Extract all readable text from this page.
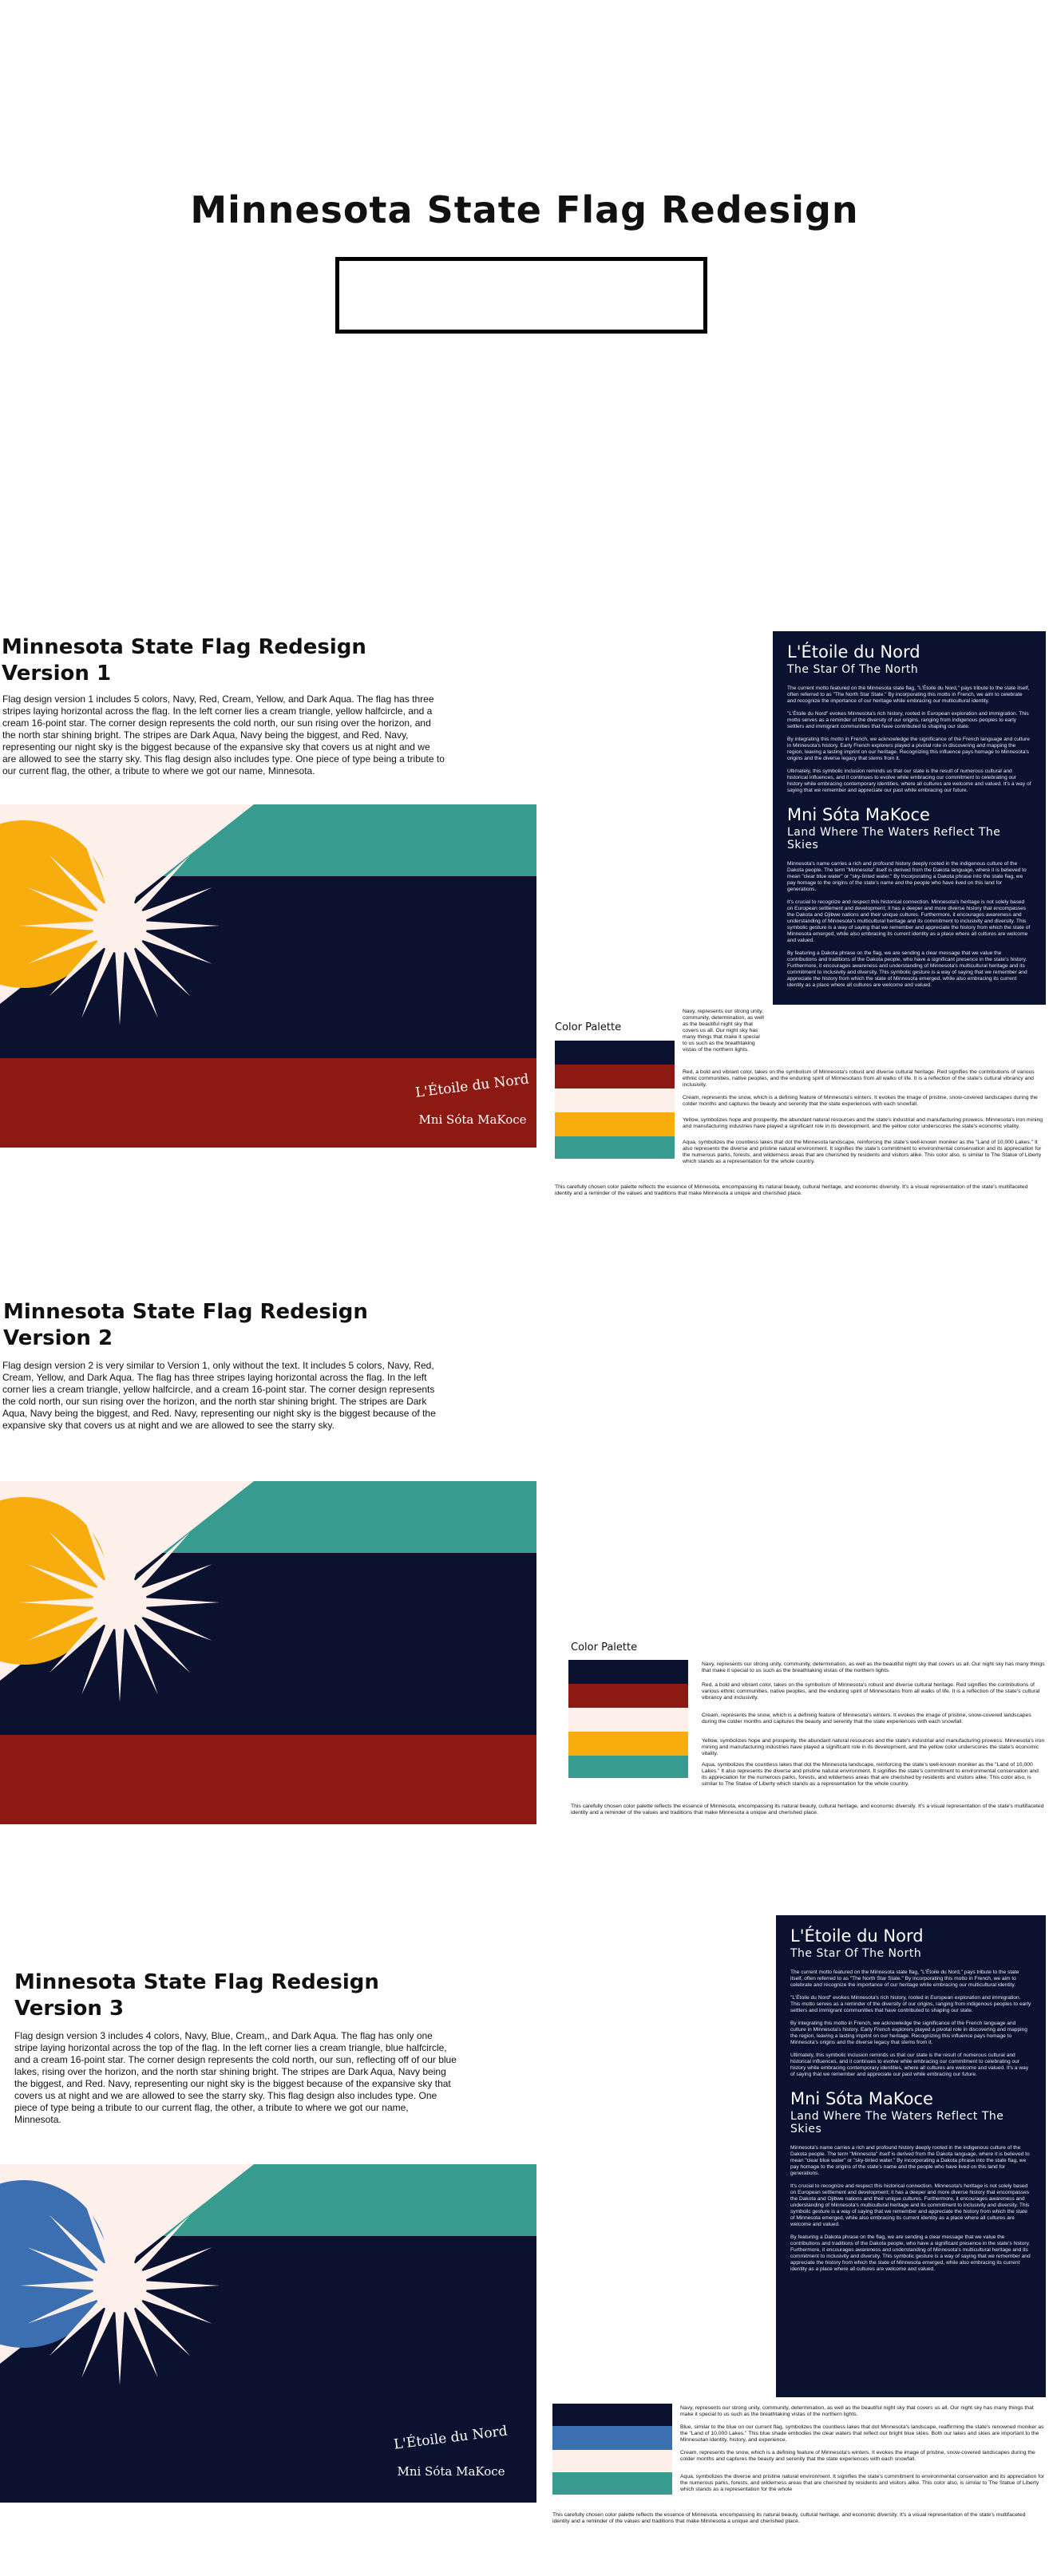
Minnesota State Flag Redesign
Minnesota State Flag Redesign
Version 1
Flag design version 1 includes 5 colors, Navy, Red, Cream, Yellow, and Dark Aqua. The flag has three stripes laying horizontal across the flag. In the left corner lies a cream triangle, yellow halfcircle, and a cream 16-point star. The corner design represents the cold north, our sun rising over the horizon, and the north star shining bright. The stripes are Dark Aqua, Navy being the biggest, and Red. Navy, representing our night sky is the biggest because of the expansive sky that covers us at night and we are allowed to see the starry sky. This flag design also includes type. One piece of type being a tribute to our current flag, the other, a tribute to where we got our name, Minnesota.
L'Étoile du Nord
Mni Sóta MaKoce
L'Étoile du Nord
The Star Of The North

The current motto featured on the Minnesota state flag, "L'Étoile du Nord," pays tribute to the state itself, often referred to as "The North Star State." By incorporating this motto in French, we aim to celebrate and recognize the importance of our heritage while embracing our multicultural identity.

"L'Étoile du Nord" evokes Minnesota's rich history, rooted in European exploration and immigration. This motto serves as a reminder of the diversity of our origins, ranging from indigenous peoples to early settlers and immigrant communities that have contributed to shaping our state.

By integrating this motto in French, we acknowledge the significance of the French language and culture in Minnesota's history. Early French explorers played a pivotal role in discovering and mapping the region, leaving a lasting imprint on our heritage. Recognizing this influence pays homage to Minnesota's origins and the diverse legacy that stems from it.

Ultimately, this symbolic inclusion reminds us that our state is the result of numerous cultural and historical influences, and it continues to evolve while embracing our commitment to celebrating our history while embracing contemporary identities, where all cultures are welcome and valued. It's a way of saying that we remember and appreciate our past while embracing our future.

Mni Sóta MaKoce
Land Where The Waters Reflect The Skies

Minnesota's name carries a rich and profound history deeply rooted in the indigenous culture of the Dakota people. The term "Minnesota" itself is derived from the Dakota language, where it is believed to mean "clear blue water" or "sky-tinted water." By incorporating a Dakota phrase into the state flag, we pay homage to the origins of the state's name and the people who have lived on this land for generations.

It's crucial to recognize and respect this historical connection. Minnesota's heritage is not solely based on European settlement and development; it has a deeper and more diverse history that encompasses the Dakota and Ojibwe nations and their unique cultures. Furthermore, it encourages awareness and understanding of Minnesota's multicultural heritage and its commitment to inclusivity and diversity. This symbolic gesture is a way of saying that we remember and appreciate the history from which the state of Minnesota emerged, while also embracing its current identity as a place where all cultures are welcome and valued.

By featuring a Dakota phrase on the flag, we are sending a clear message that we value the contributions and traditions of the Dakota people, who have a significant presence in the state's history. Furthermore, it encourages awareness and understanding of Minnesota's multicultural heritage and its commitment to inclusivity and diversity. This symbolic gesture is a way of saying that we remember and appreciate the history from which the state of Minnesota emerged, while also embracing its current identity as a place where all cultures are welcome and valued.

Color Palette
Navy, represents our strong unity, community, determination, as well as the beautiful night sky that covers us all. Our night sky has many things that make it special to us such as the breathtaking vistas of the northern lights.
Red, a bold and vibrant color, takes on the symbolism of Minnesota's robust and diverse cultural heritage. Red signifies the contributions of various ethnic communities, native peoples, and the enduring spirit of Minnesotans from all walks of life. It is a reflection of the state's cultural vibrancy and inclusivity.
Cream, represents the snow, which is a defining feature of Minnesota's winters. It evokes the image of pristine, snow-covered landscapes during the colder months and captures the beauty and serenity that the state experiences with each snowfall.
Yellow, symbolizes hope and prosperity, the abundant natural resources and the state's industrial and manufacturing prowess. Minnesota's iron mining and manufacturing industries have played a significant role in its development, and the yellow color underscores the state's economic vitality.
Aqua, symbolizes the countless lakes that dot the Minnesota landscape, reinforcing the state's well-known moniker as the "Land of 10,000 Lakes." It also represents the diverse and pristine natural environment. It signifies the state's commitment to environmental conservation and its appreciation for the numerous parks, forests, and wilderness areas that are cherished by residents and visitors alike. This color also, is similar to The Statue of Liberty which stands as a representation for the whole country.
This carefully chosen color palette reflects the essence of Minnesota, encompassing its natural beauty, cultural heritage, and economic diversity. It's a visual representation of the state's multifaceted identity and a reminder of the values and traditions that make Minnesota a unique and cherished place.
Minnesota State Flag Redesign
Version 2
Flag design version 2 is very similar to Version 1, only without the text. It includes 5 colors, Navy, Red, Cream, Yellow, and Dark Aqua. The flag has three stripes laying horizontal across the flag. In the left corner lies a cream triangle, yellow halfcircle, and a cream 16-point star. The corner design represents the cold north, our sun rising over the horizon, and the north star shining bright. The stripes are Dark Aqua, Navy being the biggest, and Red. Navy, representing our night sky is the biggest because of the expansive sky that covers us at night and we are allowed to see the starry sky.
Color Palette
Navy, represents our strong unity, community, determination, as well as the beautiful night sky that covers us all. Our night sky has many things that make it special to us such as the breathtaking vistas of the northern lights.
Red, a bold and vibrant color, takes on the symbolism of Minnesota's robust and diverse cultural heritage. Red signifies the contributions of various ethnic communities, native peoples, and the enduring spirit of Minnesotans from all walks of life. It is a reflection of the state's cultural vibrancy and inclusivity.
Cream, represents the snow, which is a defining feature of Minnesota's winters. It evokes the image of pristine, snow-covered landscapes during the colder months and captures the beauty and serenity that the state experiences with each snowfall.
Yellow, symbolizes hope and prosperity, the abundant natural resources and the state's industrial and manufacturing prowess. Minnesota's iron mining and manufacturing industries have played a significant role in its development, and the yellow color underscores the state's economic vitality.
Aqua, symbolizes the countless lakes that dot the Minnesota landscape, reinforcing the state's well-known moniker as the "Land of 10,000 Lakes." It also represents the diverse and pristine natural environment. It signifies the state's commitment to environmental conservation and its appreciation for the numerous parks, forests, and wilderness areas that are cherished by residents and visitors alike. This color also, is similar to The Statue of Liberty which stands as a representation for the whole country.
This carefully chosen color palette reflects the essence of Minnesota, encompassing its natural beauty, cultural heritage, and economic diversity. It's a visual representation of the state's multifaceted identity and a reminder of the values and traditions that make Minnesota a unique and cherished place.
Minnesota State Flag Redesign
Version 3
Flag design version 3 includes 4 colors, Navy, Blue, Cream,, and Dark Aqua. The flag has only one stripe laying horizontal across the top of the flag. In the left corner lies a cream triangle, blue halfcircle, and a cream 16-point star. The corner design represents the cold north, our sun, reflecting off of our blue lakes, rising over the horizon, and the north star shining bright. The stripes are Dark Aqua, Navy being the biggest, and Red. Navy, representing our night sky is the biggest because of the expansive sky that covers us at night and we are allowed to see the starry sky. This flag design also includes type. One piece of type being a tribute to our current flag, the other, a tribute to where we got our name, Minnesota.
L'Étoile du Nord
Mni Sóta MaKoce
L'Étoile du Nord
The Star Of The North

The current motto featured on the Minnesota state flag, "L'Étoile du Nord," pays tribute to the state itself, often referred to as "The North Star State." By incorporating this motto in French, we aim to celebrate and recognize the importance of our heritage while embracing our multicultural identity.

"L'Étoile du Nord" evokes Minnesota's rich history, rooted in European exploration and immigration. This motto serves as a reminder of the diversity of our origins, ranging from indigenous peoples to early settlers and immigrant communities that have contributed to shaping our state.

By integrating this motto in French, we acknowledge the significance of the French language and culture in Minnesota's history. Early French explorers played a pivotal role in discovering and mapping the region, leaving a lasting imprint on our heritage. Recognizing this influence pays homage to Minnesota's origins and the diverse legacy that stems from it.

Ultimately, this symbolic inclusion reminds us that our state is the result of numerous cultural and historical influences, and it continues to evolve while embracing our commitment to celebrating our history while embracing contemporary identities, where all cultures are welcome and valued. It's a way of saying that we remember and appreciate our past while embracing our future.

Mni Sóta MaKoce
Land Where The Waters Reflect The Skies

Minnesota's name carries a rich and profound history deeply rooted in the indigenous culture of the Dakota people. The term "Minnesota" itself is derived from the Dakota language, where it is believed to mean "clear blue water" or "sky-tinted water." By incorporating a Dakota phrase into the state flag, we pay homage to the origins of the state's name and the people who have lived on this land for generations.

It's crucial to recognize and respect this historical connection. Minnesota's heritage is not solely based on European settlement and development; it has a deeper and more diverse history that encompasses the Dakota and Ojibwe nations and their unique cultures. Furthermore, it encourages awareness and understanding of Minnesota's multicultural heritage and its commitment to inclusivity and diversity. This symbolic gesture is a way of saying that we remember and appreciate the history from which the state of Minnesota emerged, while also embracing its current identity as a place where all cultures are welcome and valued.

By featuring a Dakota phrase on the flag, we are sending a clear message that we value the contributions and traditions of the Dakota people, who have a significant presence in the state's history. Furthermore, it encourages awareness and understanding of Minnesota's multicultural heritage and its commitment to inclusivity and diversity. This symbolic gesture is a way of saying that we remember and appreciate the history from which the state of Minnesota emerged, while also embracing its current identity as a place where all cultures are welcome and valued.

Navy, represents our strong unity, community, determination, as well as the beautiful night sky that covers us all. Our night sky has many things that make it special to us such as the breathtaking vistas of the northern lights.
Blue, similar to the blue on our current flag, symbolizes the countless lakes that dot Minnesota's landscape, reaffirming the state's renowned moniker as the "Land of 10,000 Lakes." This blue shade embodies the clear waters that reflect our bright blue skies. Both our lakes and skies are important to the Minnesotan identity, history, and experience.
Cream, represents the snow, which is a defining feature of Minnesota's winters. It evokes the image of pristine, snow-covered landscapes during the colder months and captures the beauty and serenity that the state experiences with each snowfall.
Aqua, symbolizes the diverse and pristine natural environment. It signifies the state's commitment to environmental conservation and its appreciation for the numerous parks, forests, and wilderness areas that are cherished by residents and visitors alike. This color also, is similar to The Statue of Liberty which stands as a representation for the whole
This carefully chosen color palette reflects the essence of Minnesota, encompassing its natural beauty, cultural heritage, and economic diversity. It's a visual representation of the state's multifaceted identity and a reminder of the values and traditions that make Minnesota a unique and cherished place.
